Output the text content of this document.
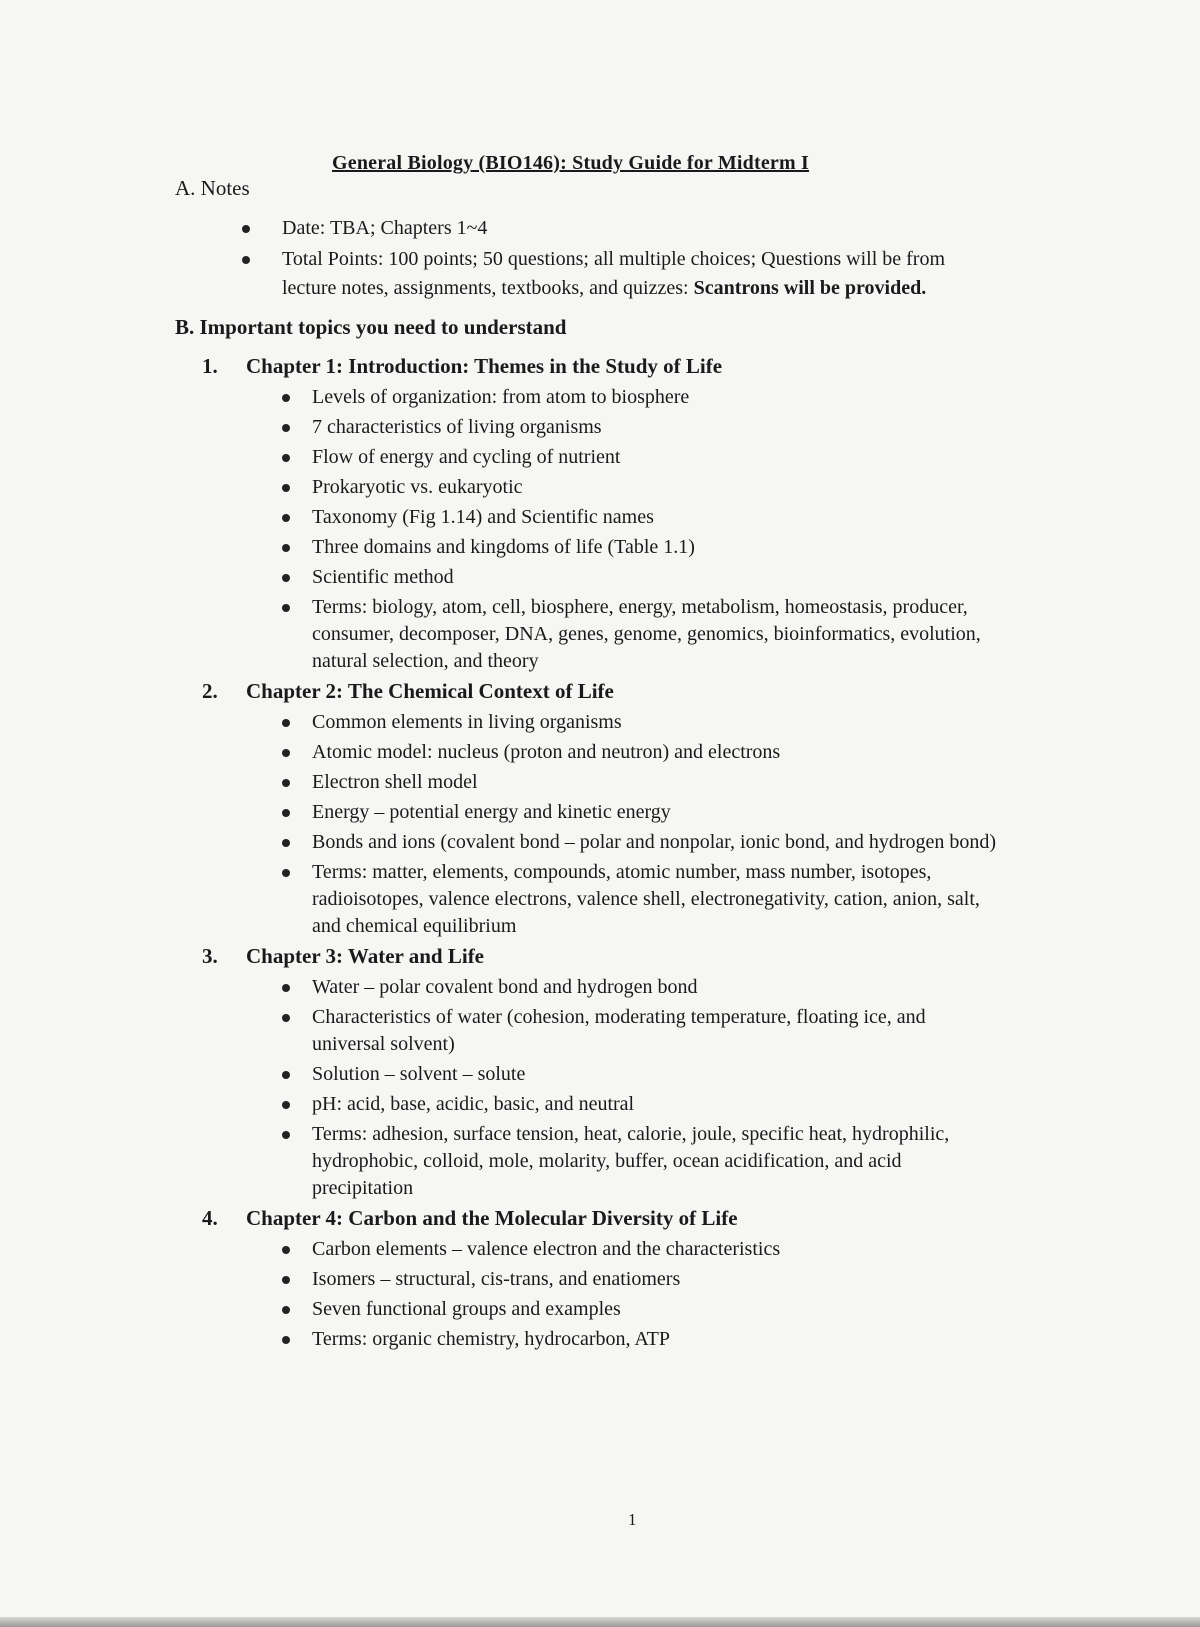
General Biology (BIO146): Study Guide for Midterm I

A. Notes

Date: TBA; Chapters 1~4
Total Points: 100 points; 50 questions; all multiple choices; Questions will be from lecture notes, assignments, textbooks, and quizzes: Scantrons will be provided.

B. Important topics you need to understand

1. Chapter 1: Introduction: Themes in the Study of Life
Levels of organization: from atom to biosphere
7 characteristics of living organisms
Flow of energy and cycling of nutrient
Prokaryotic vs. eukaryotic
Taxonomy (Fig 1.14) and Scientific names
Three domains and kingdoms of life (Table 1.1)
Scientific method
Terms: biology, atom, cell, biosphere, energy, metabolism, homeostasis, producer, consumer, decomposer, DNA, genes, genome, genomics, bioinformatics, evolution, natural selection, and theory
2. Chapter 2: The Chemical Context of Life
Common elements in living organisms
Atomic model: nucleus (proton and neutron) and electrons
Electron shell model
Energy – potential energy and kinetic energy
Bonds and ions (covalent bond – polar and nonpolar, ionic bond, and hydrogen bond)
Terms: matter, elements, compounds, atomic number, mass number, isotopes, radioisotopes, valence electrons, valence shell, electronegativity, cation, anion, salt, and chemical equilibrium
3. Chapter 3: Water and Life
Water – polar covalent bond and hydrogen bond
Characteristics of water (cohesion, moderating temperature, floating ice, and universal solvent)
Solution – solvent – solute
pH: acid, base, acidic, basic, and neutral
Terms: adhesion, surface tension, heat, calorie, joule, specific heat, hydrophilic, hydrophobic, colloid, mole, molarity, buffer, ocean acidification, and acid precipitation
4. Chapter 4: Carbon and the Molecular Diversity of Life
Carbon elements – valence electron and the characteristics
Isomers – structural, cis-trans, and enatiomers
Seven functional groups and examples
Terms: organic chemistry, hydrocarbon, ATP
1
